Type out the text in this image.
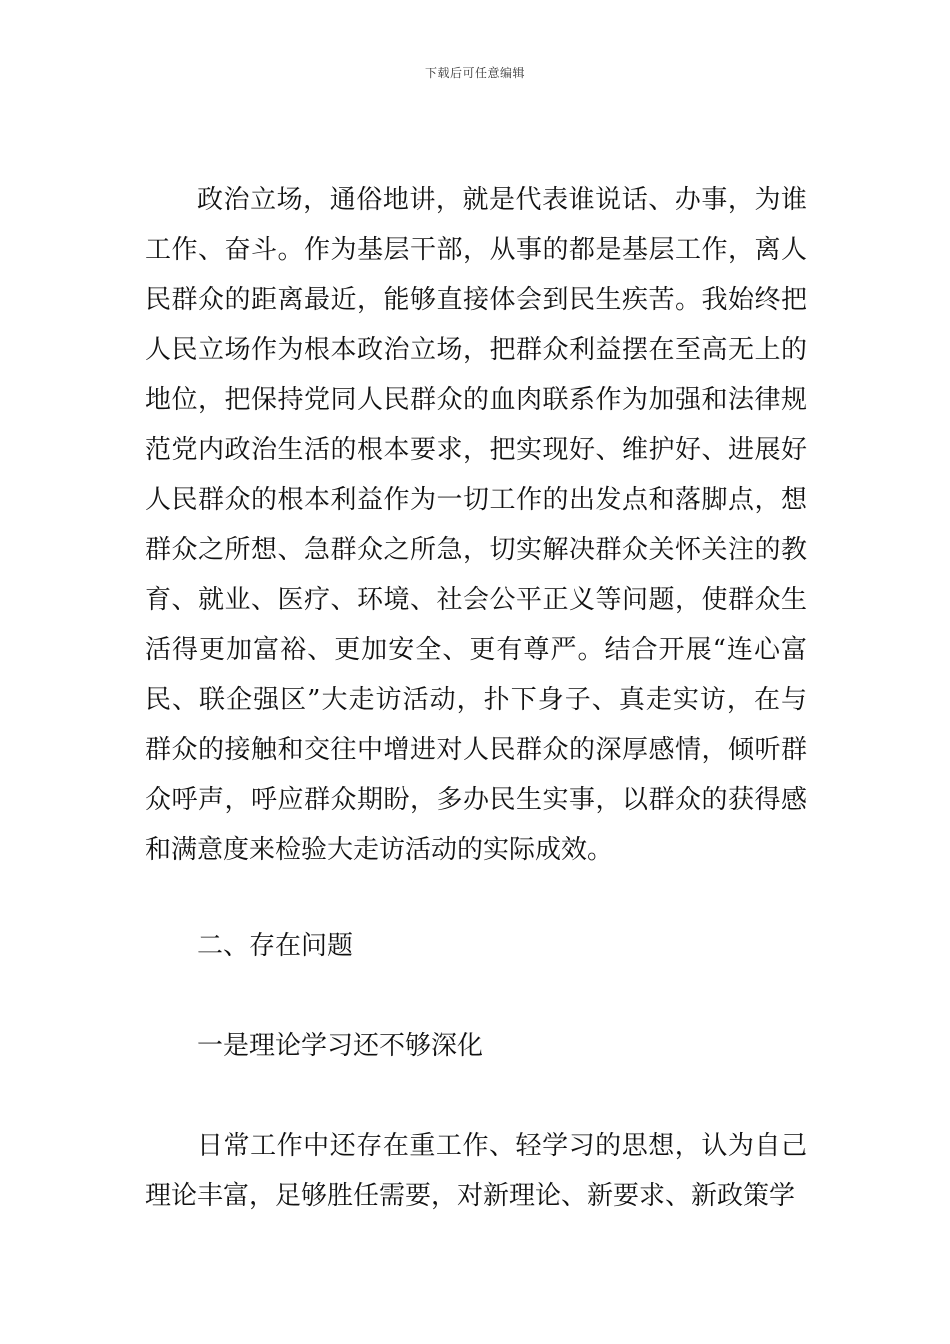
下载后可任意编辑

政治立场，通俗地讲，就是代表谁说话、办事，为谁工作、奋斗。作为基层干部，从事的都是基层工作，离人民群众的距离最近，能够直接体会到民生疾苦。我始终把人民立场作为根本政治立场，把群众利益摆在至高无上的地位，把保持党同人民群众的血肉联系作为加强和法律规范党内政治生活的根本要求，把实现好、维护好、进展好人民群众的根本利益作为一切工作的出发点和落脚点，想群众之所想、急群众之所急，切实解决群众关怀关注的教育、就业、医疗、环境、社会公平正义等问题，使群众生活得更加富裕、更加安全、更有尊严。结合开展“连心富民、联企强区”大走访活动，扑下身子、真走实访，在与群众的接触和交往中增进对人民群众的深厚感情，倾听群众呼声，呼应群众期盼，多办民生实事，以群众的获得感和满意度来检验大走访活动的实际成效。

二、存在问题

一是理论学习还不够深化

日常工作中还存在重工作、轻学习的思想，认为自己理论丰富，足够胜任需要，对新理论、新要求、新政策学
